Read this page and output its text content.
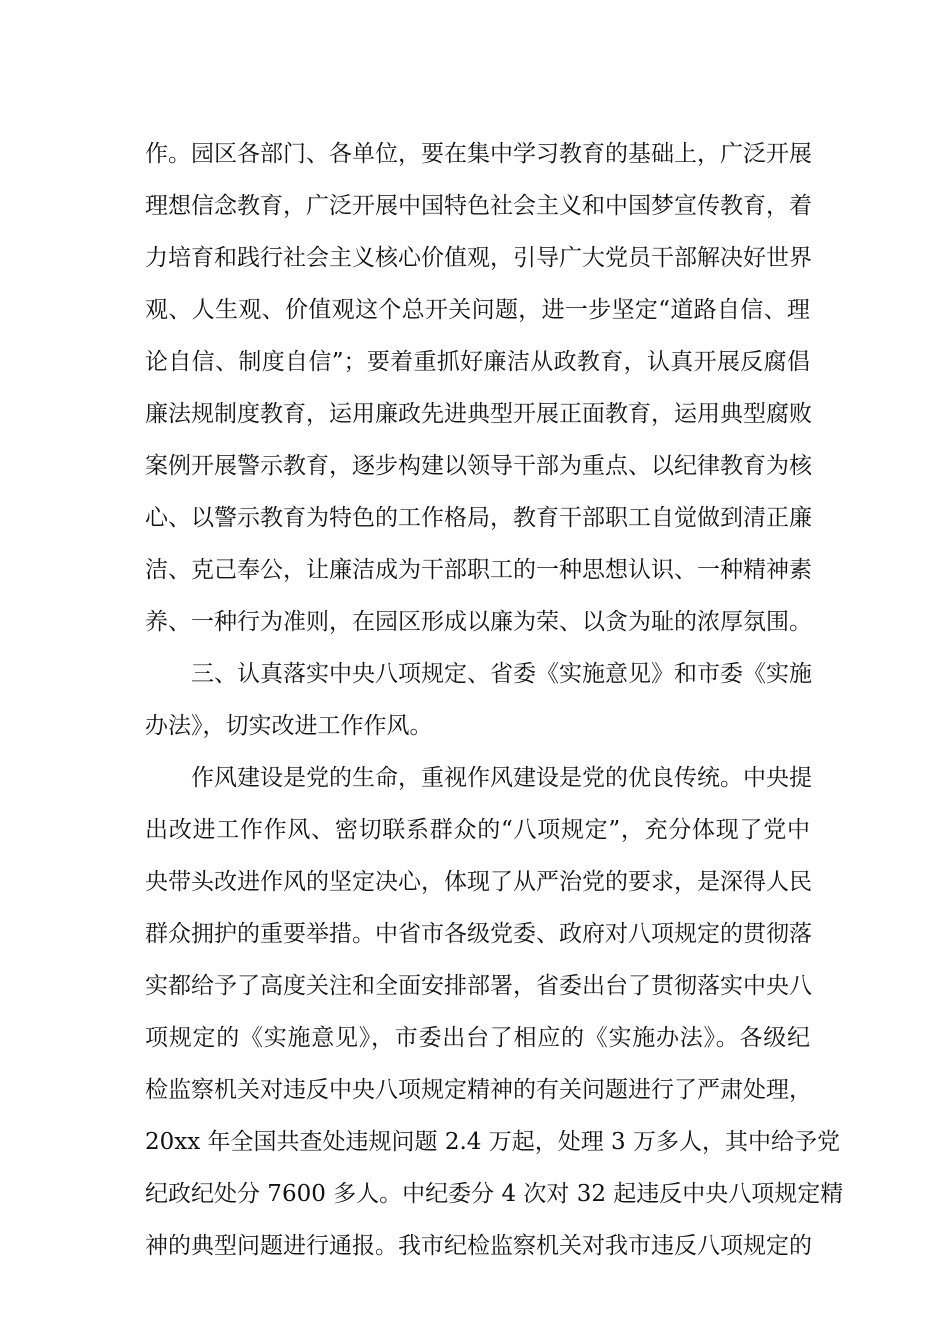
作。园区各部门、各单位，要在集中学习教育的基础上，广泛开展
理想信念教育，广泛开展中国特色社会主义和中国梦宣传教育，着
力培育和践行社会主义核心价值观，引导广大党员干部解决好世界
观、人生观、价值观这个总开关问题，进一步坚定“道路自信、理
论自信、制度自信”；要着重抓好廉洁从政教育，认真开展反腐倡
廉法规制度教育，运用廉政先进典型开展正面教育，运用典型腐败
案例开展警示教育，逐步构建以领导干部为重点、以纪律教育为核
心、以警示教育为特色的工作格局，教育干部职工自觉做到清正廉
洁、克己奉公，让廉洁成为干部职工的一种思想认识、一种精神素
养、一种行为准则，在园区形成以廉为荣、以贪为耻的浓厚氛围。
三、认真落实中央八项规定、省委《实施意见》和市委《实施
办法》，切实改进工作作风。
作风建设是党的生命，重视作风建设是党的优良传统。中央提
出改进工作作风、密切联系群众的“八项规定”，充分体现了党中
央带头改进作风的坚定决心，体现了从严治党的要求，是深得人民
群众拥护的重要举措。中省市各级党委、政府对八项规定的贯彻落
实都给予了高度关注和全面安排部署，省委出台了贯彻落实中央八
项规定的《实施意见》，市委出台了相应的《实施办法》。各级纪
检监察机关对违反中央八项规定精神的有关问题进行了严肃处理，
20xx 年全国共查处违规问题 2.4 万起，处理 3 万多人，其中给予党
纪政纪处分 7600 多人。中纪委分 4 次对 32 起违反中央八项规定精
神的典型问题进行通报。我市纪检监察机关对我市违反八项规定的
